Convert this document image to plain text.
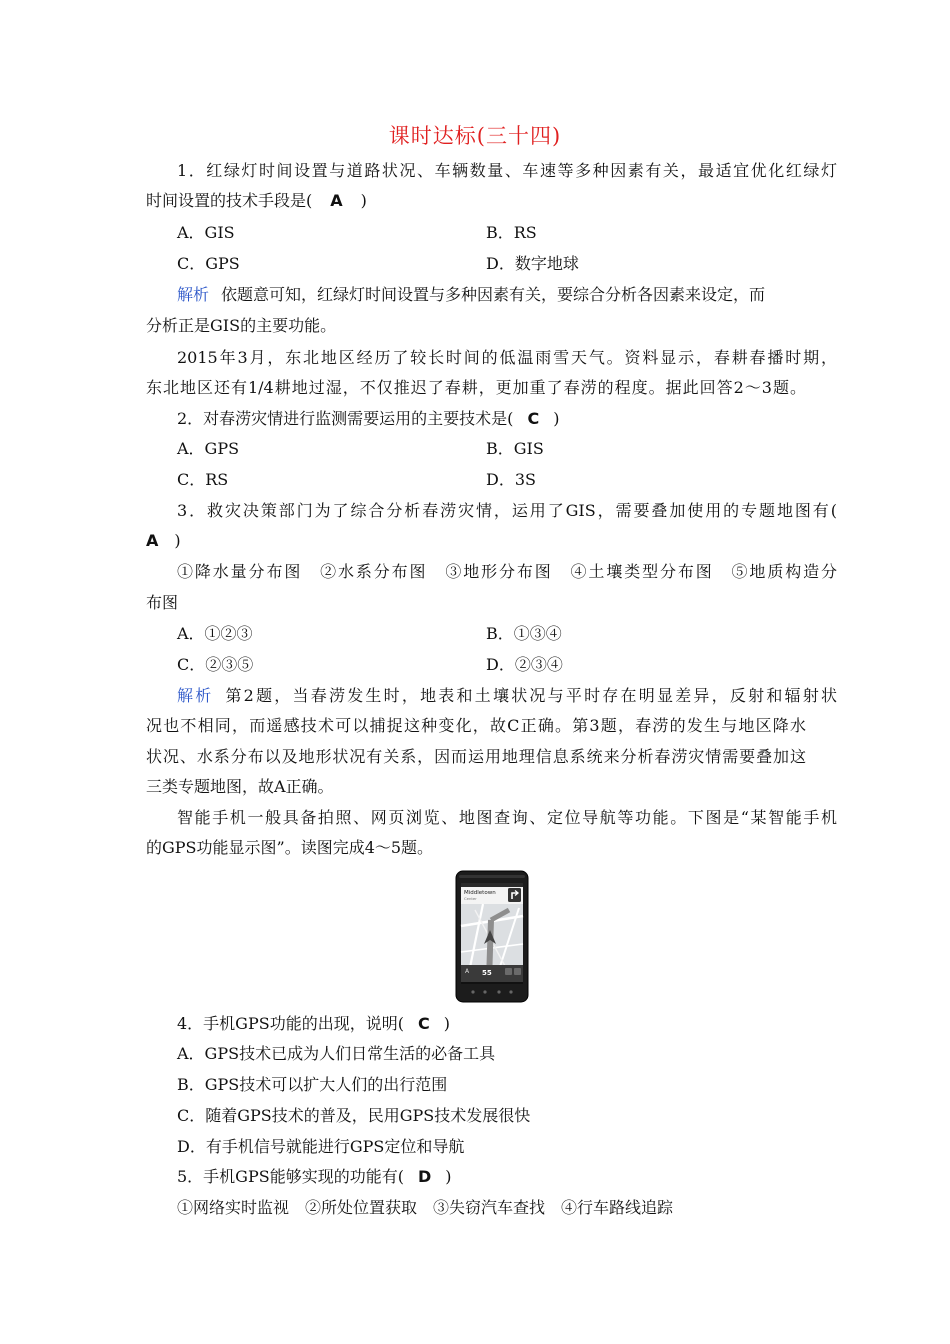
课时达标(三十四)
1．红绿灯时间设置与道路状况、车辆数量、车速等多种因素有关，最适宜优化红绿灯
时间设置的技术手段是( A )
A．GIS	B．RS
C．GPS	D．数字地球
解析 依题意可知，红绿灯时间设置与多种因素有关，要综合分析各因素来设定，而
分析正是GIS的主要功能。
2015年3月，东北地区经历了较长时间的低温雨雪天气。资料显示，春耕春播时期，
东北地区还有1/4耕地过湿，不仅推迟了春耕，更加重了春涝的程度。据此回答2～3题。
2．对春涝灾情进行监测需要运用的主要技术是( C )
A．GPS	B．GIS
C．RS	D．3S
3．救灾决策部门为了综合分析春涝灾情，运用了GIS，需要叠加使用的专题地图有(
A )
①降水量分布图　②水系分布图　③地形分布图　④土壤类型分布图　⑤地质构造分
布图
A．①②③	B．①③④
C．②③⑤	D．②③④
解析 第2题，当春涝发生时，地表和土壤状况与平时存在明显差异，反射和辐射状
况也不相同，而遥感技术可以捕捉这种变化，故C正确。第3题，春涝的发生与地区降水
状况、水系分布以及地形状况有关系，因而运用地理信息系统来分析春涝灾情需要叠加这
三类专题地图，故A正确。
智能手机一般具备拍照、网页浏览、地图查询、定位导航等功能。下图是“某智能手机
的GPS功能显示图”。读图完成4～5题。
Middletown
Center
A 55
4．手机GPS功能的出现，说明( C )
A．GPS技术已成为人们日常生活的必备工具
B．GPS技术可以扩大人们的出行范围
C．随着GPS技术的普及，民用GPS技术发展很快
D．有手机信号就能进行GPS定位和导航
5．手机GPS能够实现的功能有( D )
①网络实时监视　②所处位置获取　③失窃汽车查找　④行车路线追踪
